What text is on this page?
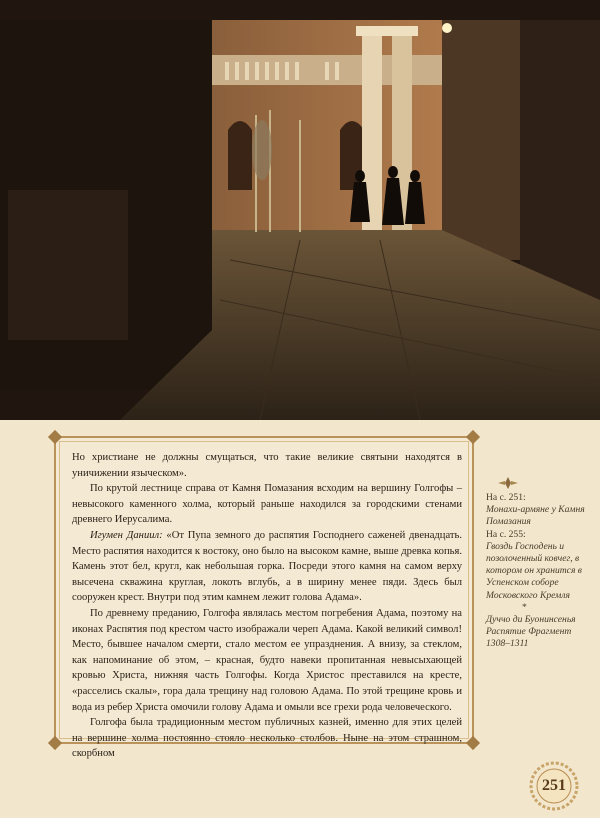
Но христиане не должны смущаться, что такие великие святыни находятся в уничижении языческом».

По крутой лестнице справа от Камня Помазания всходим на вершину Голгофы – невысокого каменного холма, который раньше находился за городскими стенами древнего Иерусалима.

Игумен Даниил: «От Пупа земного до распятия Господнего саженей двенадцать. Место распятия находится к востоку, оно было на высоком камне, выше древка копья. Камень этот бел, кругл, как небольшая горка. Посреди этого камня на самом верху высечена скважина круглая, локоть вглубь, а в ширину менее пяди. Здесь был сооружен крест. Внутри под этим камнем лежит голова Адама».

По древнему преданию, Голгофа являлась местом погребения Адама, поэтому на иконах Распятия под крестом часто изображали череп Адама. Какой великий символ! Место, бывшее началом смерти, стало местом ее упразднения. А внизу, за стеклом, как напоминание об этом, – красная, будто навеки пропитанная невысыхающей кровью Христа, нижняя часть Голгофы. Когда Христос преставился на кресте, «расселись скалы», гора дала трещину над головою Адама. По этой трещине кровь и вода из ребер Христа омочили голову Адама и омыли все грехи рода человеческого.

Голгофа была традиционным местом публичных казней, именно для этих целей на вершине холма постоянно стояло несколько столбов. Ныне на этом страшном, скорбном

На с. 251:

Монахи-армяне у Камня Помазания

На с. 255:

Гвоздь Господень и позолоченный ковчег, в котором он хранится в Успенском соборе Московского Кремля

*

Дуччо ди Буонинсенья Распятие Фрагмент 1308–1311

251
